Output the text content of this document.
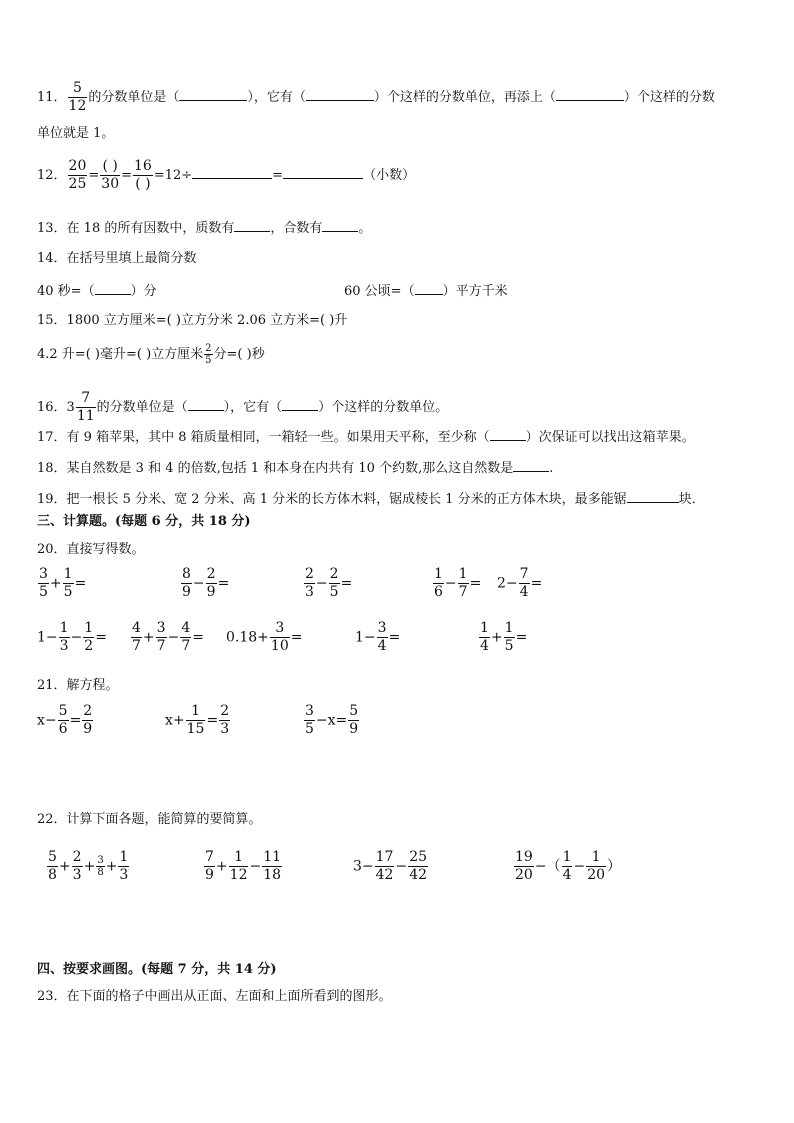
11． $\frac{5}{12}$ 的分数单位是（	），它有（	）个这样的分数单位，再添上（	）个这样的分数
单位就是 1。
12． $\frac{20}{25} = \frac{( )}{30} = \frac{16}{( )} =12\div$	=	（小数）
13．在 18 的所有因数中，质数有	，合数有	。
14．在括号里填上最简分数
40 秒=（	）分	60 公顷=（ ）平方千米
15．1800 立方厘米=( )立方分米 2.06 立方米=( )升
4.2 升=( )毫升=( )立方厘米 $\frac{2}{5}$ 分=( )秒
16．$3 \frac{7}{11}$ 的分数单位是（	），它有（	）个这样的分数单位。
17．有 9 箱苹果，其中 8 箱质量相同，一箱轻一些。如果用天平称，至少称（	）次保证可以找出这箱苹果。
18．某自然数是 3 和 4 的倍数,包括 1 和本身在内共有 10 个约数,那么这自然数是	.
19．把一根长 5 分米、宽 2 分米、高 1 分米的长方体木料，锯成棱长 1 分米的正方体木块，最多能锯	块．
三、计算题。(每题 6 分，共 18 分)
20．直接写得数。
$\frac{3}{5} + \frac{1}{5}$ =	$\frac{8}{9} - \frac{2}{9}$ =	$\frac{2}{3} - \frac{2}{5}$ =	$\frac{1}{6} - \frac{1}{7} = 2- \frac{7}{4}$ =
$1- \frac{1}{3} - \frac{1}{2} = \frac{4}{7} + \frac{3}{7} - \frac{4}{7} = 0.18+ \frac{3}{10}$ =	$1- \frac{3}{4}$ =	$\frac{1}{4} + \frac{1}{5}$ =
21．解方程。
$x- \frac{5}{6} = \frac{2}{9}$	$x+ \frac{1}{15} = \frac{2}{3}$	$\frac{3}{5} -x= \frac{5}{9}$
22．计算下面各题，能简算的要简算。
$\frac{5}{8} + \frac{2}{3} + \frac{3}{8} + \frac{1}{3}$	$\frac{7}{9} + \frac{1}{12} - \frac{11}{18}$	$3- \frac{17}{42} - \frac{25}{42}$	$\frac{19}{20}$ −（ $\frac{1}{4} - \frac{1}{20}$ ）
四、按要求画图。(每题 7 分，共 14 分)
23．在下面的格子中画出从正面、左面和上面所看到的图形。
